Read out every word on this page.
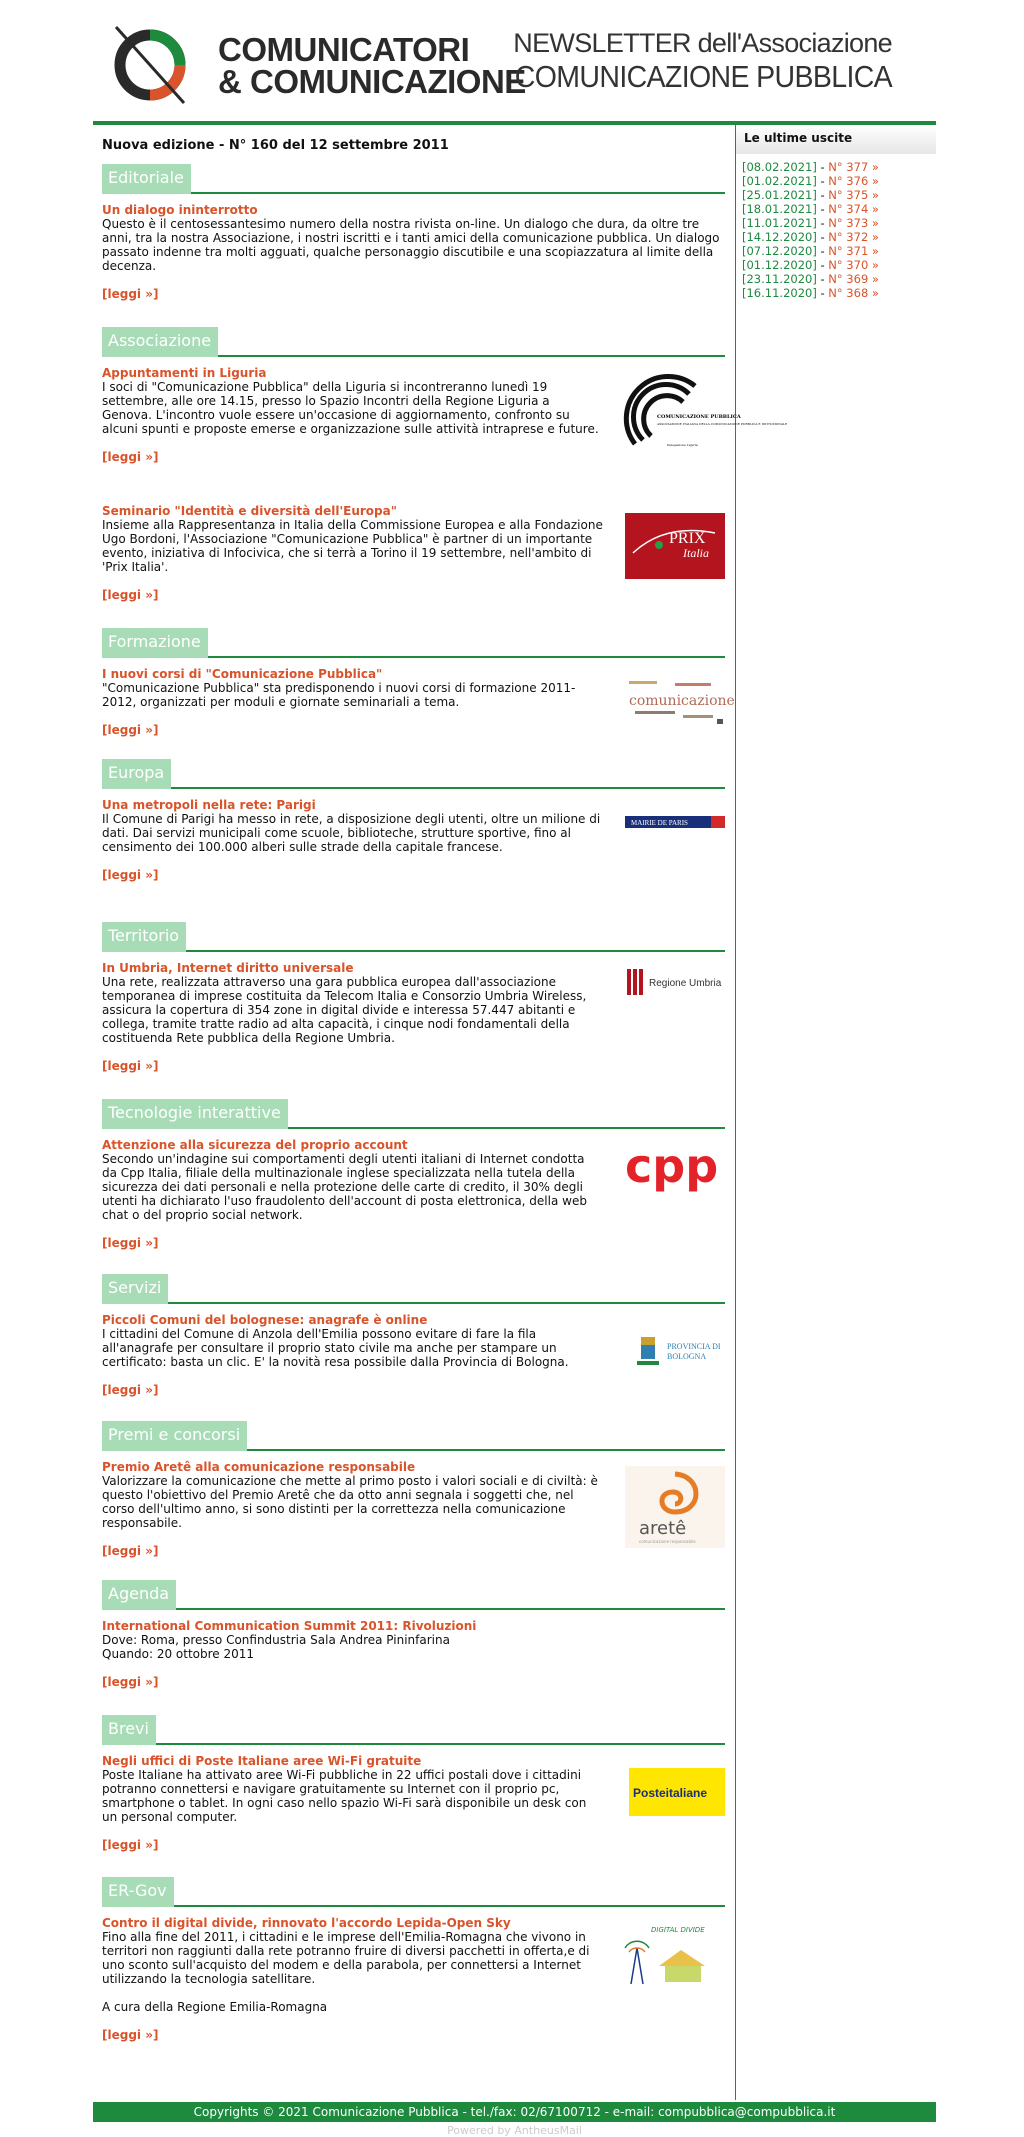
COMUNICATORI
& COMUNICAZIONE
NEWSLETTER dell'Associazione
COMUNICAZIONE PUBBLICA
Nuova edizione - N° 160 del 12 settembre 2011
Editoriale
Un dialogo ininterrotto
Questo è il centosessantesimo numero della nostra rivista on-line. Un dialogo che dura, da oltre tre anni, tra la nostra Associazione, i nostri iscritti e i tanti amici della comunicazione pubblica. Un dialogo passato indenne tra molti agguati, qualche personaggio discutibile e una scopiazzatura al limite della decenza.
[leggi »]
Associazione
Appuntamenti in Liguria
I soci di "Comunicazione Pubblica" della Liguria si incontreranno lunedì 19 settembre, alle ore 14.15, presso lo Spazio Incontri della Regione Liguria a Genova. L'incontro vuole essere un'occasione di aggiornamento, confronto su alcuni spunti e proposte emerse e organizzazione sulle attività intraprese e future.
[leggi »]
COMUNICAZIONE PUBBLICA
ASSOCIAZIONE ITALIANA DELLA COMUNICAZIONE PUBBLICA E ISTITUZIONALE
Delegazione Liguria
Seminario "Identità e diversità dell'Europa"
Insieme alla Rappresentanza in Italia della Commissione Europea e alla Fondazione Ugo Bordoni, l'Associazione "Comunicazione Pubblica" è partner di un importante evento, iniziativa di Infocivica, che si terrà a Torino il 19 settembre, nell'ambito di 'Prix Italia'.
[leggi »]
PRIX
Italia
Formazione
I nuovi corsi di "Comunicazione Pubblica"
"Comunicazione Pubblica" sta predisponendo i nuovi corsi di formazione 2011-2012, organizzati per moduli e giornate seminariali a tema.
[leggi »]
comunicazione
Europa
Una metropoli nella rete: Parigi
Il Comune di Parigi ha messo in rete, a disposizione degli utenti, oltre un milione di dati. Dai servizi municipali come scuole, biblioteche, strutture sportive, fino al censimento dei 100.000 alberi sulle strade della capitale francese.
[leggi »]
MAIRIE DE PARIS
Territorio
In Umbria, Internet diritto universale
Una rete, realizzata attraverso una gara pubblica europea dall'associazione temporanea di imprese costituita da Telecom Italia e Consorzio Umbria Wireless, assicura la copertura di 354 zone in digital divide e interessa 57.447 abitanti e collega, tramite tratte radio ad alta capacità, i cinque nodi fondamentali della costituenda Rete pubblica della Regione Umbria.
[leggi »]
Regione Umbria
Tecnologie interattive
Attenzione alla sicurezza del proprio account
Secondo un'indagine sui comportamenti degli utenti italiani di Internet condotta da Cpp Italia, filiale della multinazionale inglese specializzata nella tutela della sicurezza dei dati personali e nella protezione delle carte di credito, il 30% degli utenti ha dichiarato l'uso fraudolento dell'account di posta elettronica, della web chat o del proprio social network.
[leggi »]
cpp
Servizi
Piccoli Comuni del bolognese: anagrafe è online
I cittadini del Comune di Anzola dell'Emilia possono evitare di fare la fila all'anagrafe per consultare il proprio stato civile ma anche per stampare un certificato: basta un clic. E' la novità resa possibile dalla Provincia di Bologna.
[leggi »]
PROVINCIA DI
BOLOGNA
Premi e concorsi
Premio Aretê alla comunicazione responsabile
Valorizzare la comunicazione che mette al primo posto i valori sociali e di civiltà: è questo l'obiettivo del Premio Aretê che da otto anni segnala i soggetti che, nel corso dell'ultimo anno, si sono distinti per la correttezza nella comunicazione responsabile.
[leggi »]
aretê
comunicazione responsabile
Agenda
International Communication Summit 2011: Rivoluzioni
Dove: Roma, presso Confindustria Sala Andrea Pininfarina
Quando: 20 ottobre 2011
[leggi »]
Brevi
Negli uffici di Poste Italiane aree Wi-Fi gratuite
Poste Italiane ha attivato aree Wi-Fi pubbliche in 22 uffici postali dove i cittadini potranno connettersi e navigare gratuitamente su Internet con il proprio pc, smartphone o tablet. In ogni caso nello spazio Wi-Fi sarà disponibile un desk con un personal computer.
[leggi »]
Posteitaliane
ER-Gov
Contro il digital divide, rinnovato l'accordo Lepida-Open Sky
Fino alla fine del 2011, i cittadini e le imprese dell'Emilia-Romagna che vivono in territori non raggiunti dalla rete potranno fruire di diversi pacchetti in offerta,e di uno sconto sull'acquisto del modem e della parabola, per connettersi a Internet utilizzando la tecnologia satellitare.

A cura della Regione Emilia-Romagna
[leggi »]
DIGITAL DIVIDE
Le ultime uscite
[08.02.2021] - N° 377 »
[01.02.2021] - N° 376 »
[25.01.2021] - N° 375 »
[18.01.2021] - N° 374 »
[11.01.2021] - N° 373 »
[14.12.2020] - N° 372 »
[07.12.2020] - N° 371 »
[01.12.2020] - N° 370 »
[23.11.2020] - N° 369 »
[16.11.2020] - N° 368 »
Copyrights © 2021 Comunicazione Pubblica - tel./fax: 02/67100712 - e-mail: compubblica@compubblica.it
Powered by AntheusMail
